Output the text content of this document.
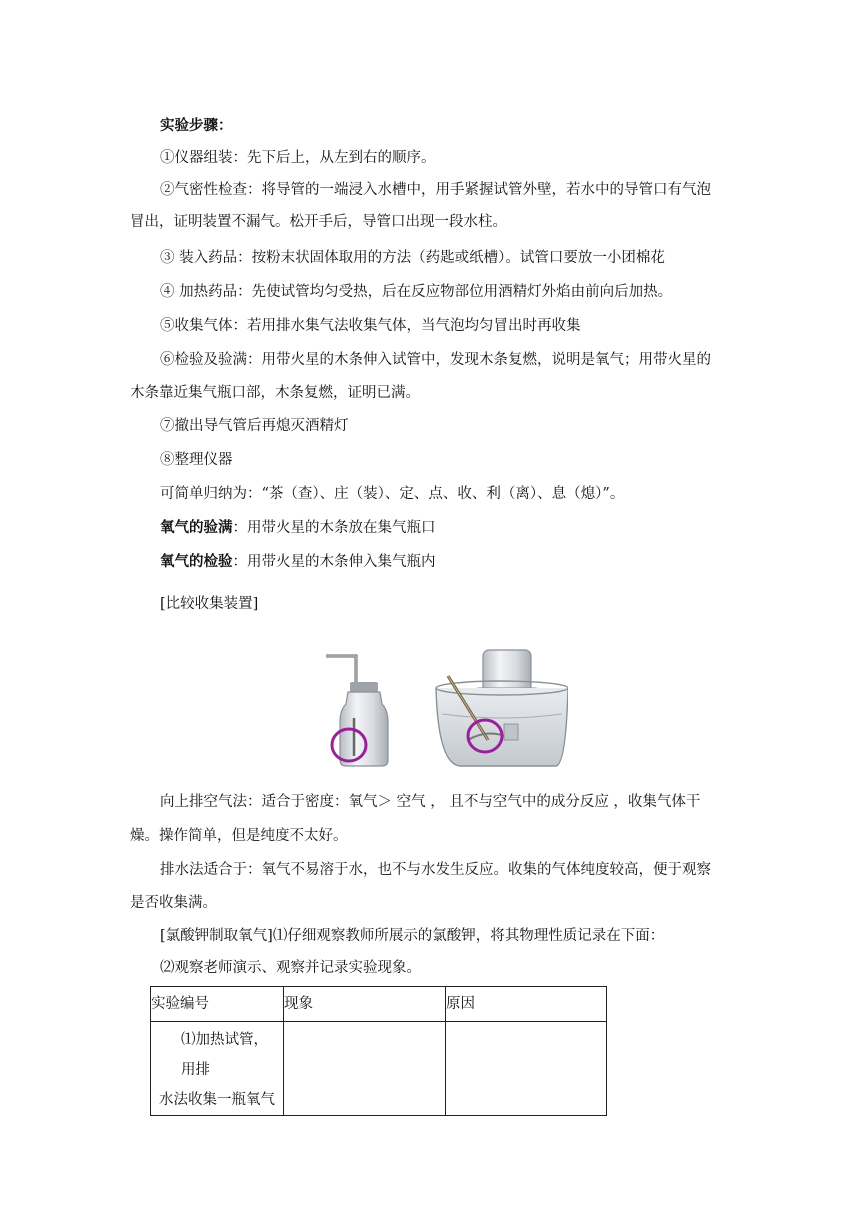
实验步骤：
①仪器组装：先下后上，从左到右的顺序。
②气密性检查：将导管的一端浸入水槽中，用手紧握试管外壁，若水中的导管口有气泡
冒出，证明装置不漏气。松开手后，导管口出现一段水柱。
③ 装入药品：按粉末状固体取用的方法（药匙或纸槽）。试管口要放一小团棉花
④ 加热药品：先使试管均匀受热，后在反应物部位用酒精灯外焰由前向后加热。
⑤收集气体：若用排水集气法收集气体，当气泡均匀冒出时再收集
⑥检验及验满：用带火星的木条伸入试管中，发现木条复燃，说明是氧气；用带火星的
木条靠近集气瓶口部，木条复燃，证明已满。
⑦撤出导气管后再熄灭酒精灯
⑧整理仪器
可简单归纳为：“茶（查）、庄（装）、定、点、收、利（离）、息（熄）”。
氧气的验满：用带火星的木条放在集气瓶口
氧气的检验：用带火星的木条伸入集气瓶内
[比较收集装置]
向上排空气法：适合于密度：氧气＞ 空气 ， 且不与空气中的成分反应 ，收集气体干
燥。操作简单，但是纯度不太好。
排水法适合于：氧气不易溶于水，也不与水发生反应。收集的气体纯度较高，便于观察
是否收集满。
[氯酸钾制取氧气]⑴仔细观察教师所展示的氯酸钾，将其物理性质记录在下面：
⑵观察老师演示、观察并记录实验现象。
实验编号	现象	原因

⑴加热试管，用排
水法收集一瓶氧气		
